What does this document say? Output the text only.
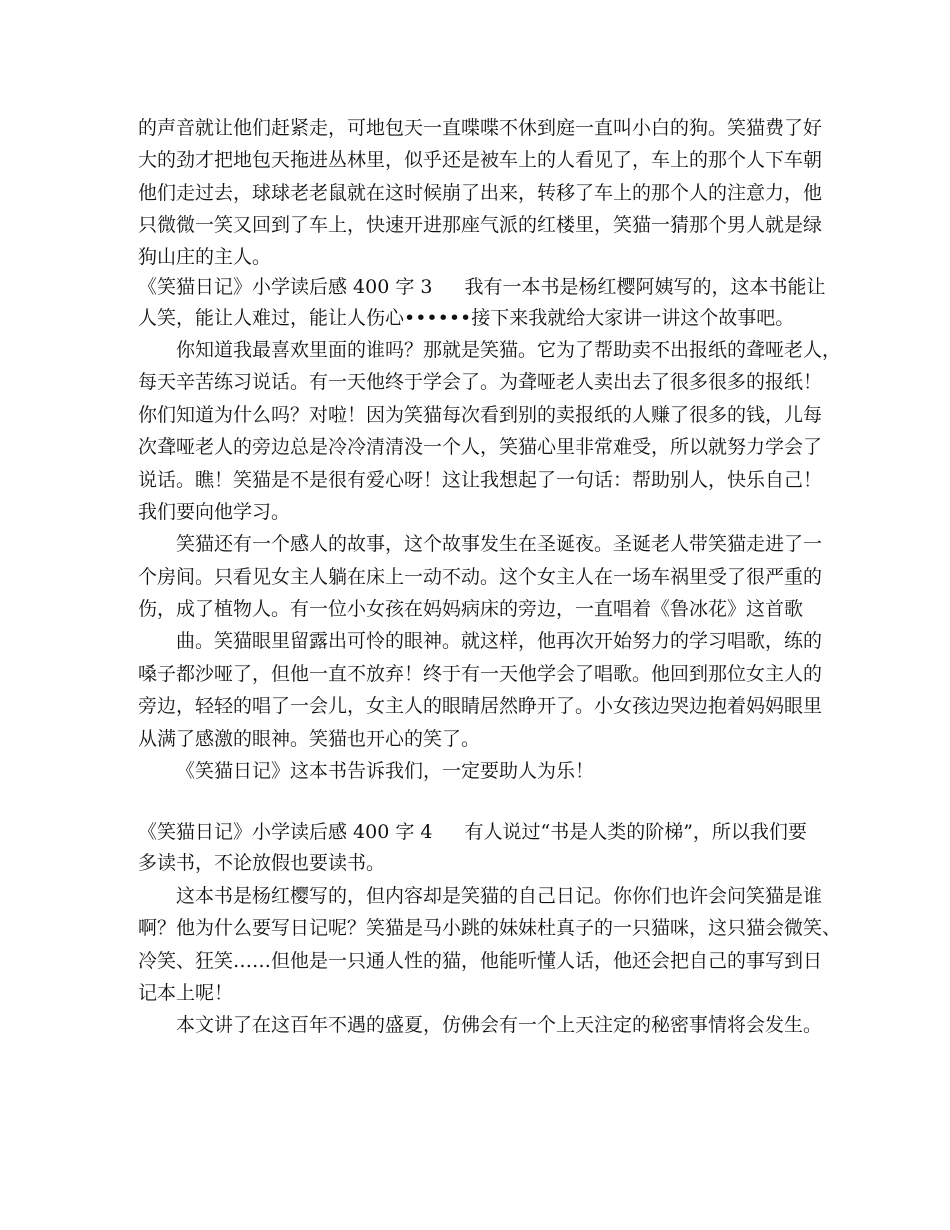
的声音就让他们赶紧走，可地包天一直喋喋不休到庭一直叫小白的狗。笑猫费了好
大的劲才把地包天拖进丛林里，似乎还是被车上的人看见了，车上的那个人下车朝
他们走过去，球球老老鼠就在这时候崩了出来，转移了车上的那个人的注意力，他
只微微一笑又回到了车上，快速开进那座气派的红楼里，笑猫一猜那个男人就是绿
狗山庄的主人。
《笑猫日记》小学读后感 400 字 3 我有一本书是杨红樱阿姨写的，这本书能让
人笑，能让人难过，能让人伤心••••••接下来我就给大家讲一讲这个故事吧。
你知道我最喜欢里面的谁吗？那就是笑猫。它为了帮助卖不出报纸的聋哑老人，
每天辛苦练习说话。有一天他终于学会了。为聋哑老人卖出去了很多很多的报纸！
你们知道为什么吗？对啦！因为笑猫每次看到别的卖报纸的人赚了很多的钱，儿每
次聋哑老人的旁边总是冷冷清清没一个人，笑猫心里非常难受，所以就努力学会了
说话。瞧！笑猫是不是很有爱心呀！这让我想起了一句话：帮助别人，快乐自己！
我们要向他学习。
笑猫还有一个感人的故事，这个故事发生在圣诞夜。圣诞老人带笑猫走进了一
个房间。只看见女主人躺在床上一动不动。这个女主人在一场车祸里受了很严重的
伤，成了植物人。有一位小女孩在妈妈病床的旁边，一直唱着《鲁冰花》这首歌
曲。笑猫眼里留露出可怜的眼神。就这样，他再次开始努力的学习唱歌，练的
嗓子都沙哑了，但他一直不放弃！终于有一天他学会了唱歌。他回到那位女主人的
旁边，轻轻的唱了一会儿，女主人的眼睛居然睁开了。小女孩边哭边抱着妈妈眼里
从满了感激的眼神。笑猫也开心的笑了。
《笑猫日记》这本书告诉我们，一定要助人为乐！
《笑猫日记》小学读后感 400 字 4 有人说过“书是人类的阶梯”，所以我们要
多读书，不论放假也要读书。
这本书是杨红樱写的，但内容却是笑猫的自己日记。你你们也许会问笑猫是谁
啊？他为什么要写日记呢？笑猫是马小跳的妹妹杜真子的一只猫咪，这只猫会微笑、
冷笑、狂笑……但他是一只通人性的猫，他能听懂人话，他还会把自己的事写到日
记本上呢！
本文讲了在这百年不遇的盛夏，仿佛会有一个上天注定的秘密事情将会发生。
